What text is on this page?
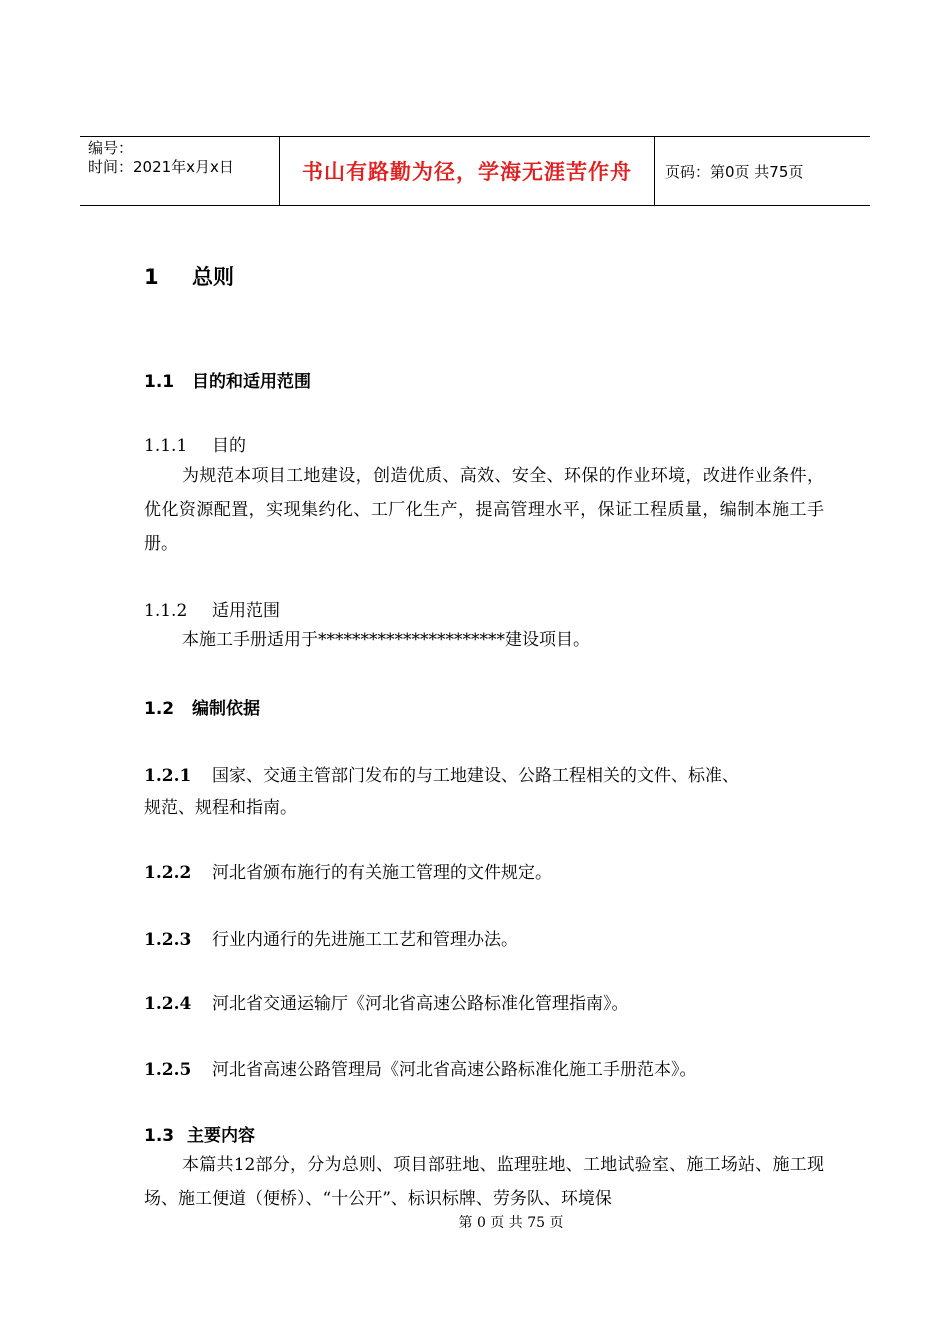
编号：
时间：2021年x月x日	书山有路勤为径，学海无涯苦作舟 页码：第0页 共75页
1 总则
1.1 目的和适用范围
1.1.1 目的
为规范本项目工地建设，创造优质、高效、安全、环保的作业环境，改进作业条件，优化资源配置，实现集约化、工厂化生产，提高管理水平，保证工程质量，编制本施工手册。
1.1.2 适用范围
本施工手册适用于**********************建设项目。
1.2 编制依据
1.2.1 国家、交通主管部门发布的与工地建设、公路工程相关的文件、标准、
规范、规程和指南。
1.2.2 河北省颁布施行的有关施工管理的文件规定。
1.2.3 行业内通行的先进施工工艺和管理办法。
1.2.4 河北省交通运输厅《河北省高速公路标准化管理指南》。
1.2.5 河北省高速公路管理局《河北省高速公路标准化施工手册范本》。
1.3 主要内容
本篇共12部分，分为总则、项目部驻地、监理驻地、工地试验室、施工场站、施工现场、施工便道（便桥）、“十公开”、标识标牌、劳务队、环境保
第 0 页 共 75 页
